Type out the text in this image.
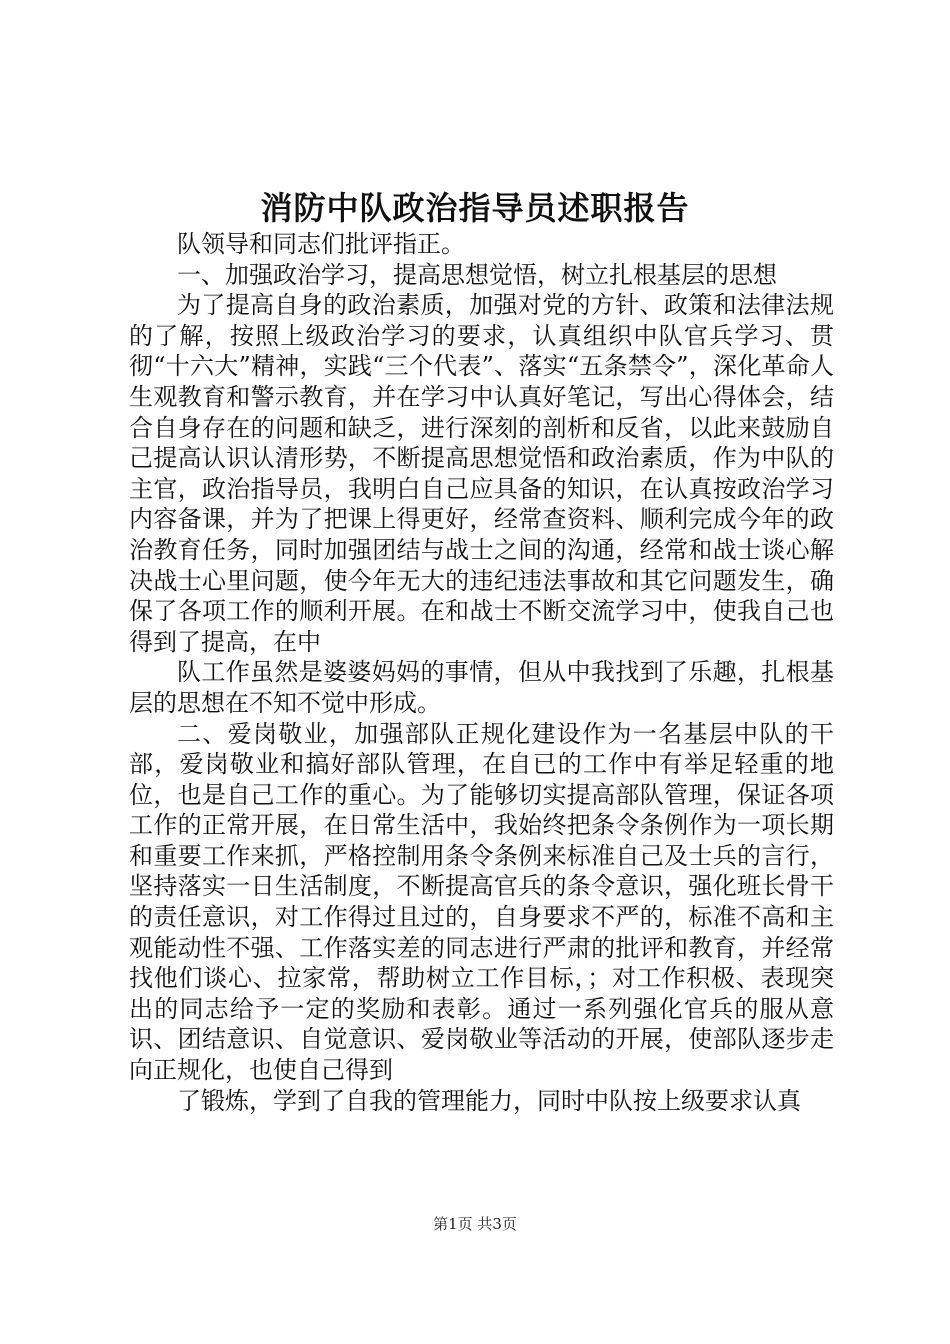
消防中队政治指导员述职报告

队领导和同志们批评指正。

一、加强政治学习，提高思想觉悟，树立扎根基层的思想

为了提高自身的政治素质，加强对党的方针、政策和法律法规的了解，按照上级政治学习的要求，认真组织中队官兵学习、贯彻“十六大”精神，实践“三个代表”、落实“五条禁令”，深化革命人生观教育和警示教育，并在学习中认真好笔记，写出心得体会，结合自身存在的问题和缺乏，进行深刻的剖析和反省，以此来鼓励自己提高认识认清形势，不断提高思想觉悟和政治素质，作为中队的主官，政治指导员，我明白自己应具备的知识，在认真按政治学习内容备课，并为了把课上得更好，经常查资料、顺利完成今年的政治教育任务，同时加强团结与战士之间的沟通，经常和战士谈心解决战士心里问题，使今年无大的违纪违法事故和其它问题发生，确保了各项工作的顺利开展。在和战士不断交流学习中，使我自己也得到了提高，在中

队工作虽然是婆婆妈妈的事情，但从中我找到了乐趣，扎根基层的思想在不知不觉中形成。

二、爱岗敬业，加强部队正规化建设作为一名基层中队的干部，爱岗敬业和搞好部队管理，在自已的工作中有举足轻重的地位，也是自己工作的重心。为了能够切实提高部队管理，保证各项工作的正常开展，在日常生活中，我始终把条令条例作为一项长期和重要工作来抓，严格控制用条令条例来标准自己及士兵的言行，坚持落实一日生活制度，不断提高官兵的条令意识，强化班长骨干的责任意识，对工作得过且过的，自身要求不严的，标准不高和主观能动性不强、工作落实差的同志进行严肃的批评和教育，并经常找他们谈心、拉家常，帮助树立工作目标，；对工作积极、表现突出的同志给予一定的奖励和表彰。通过一系列强化官兵的服从意识、团结意识、自觉意识、爱岗敬业等活动的开展，使部队逐步走向正规化，也使自己得到

了锻炼，学到了自我的管理能力，同时中队按上级要求认真

第1页 共3页
